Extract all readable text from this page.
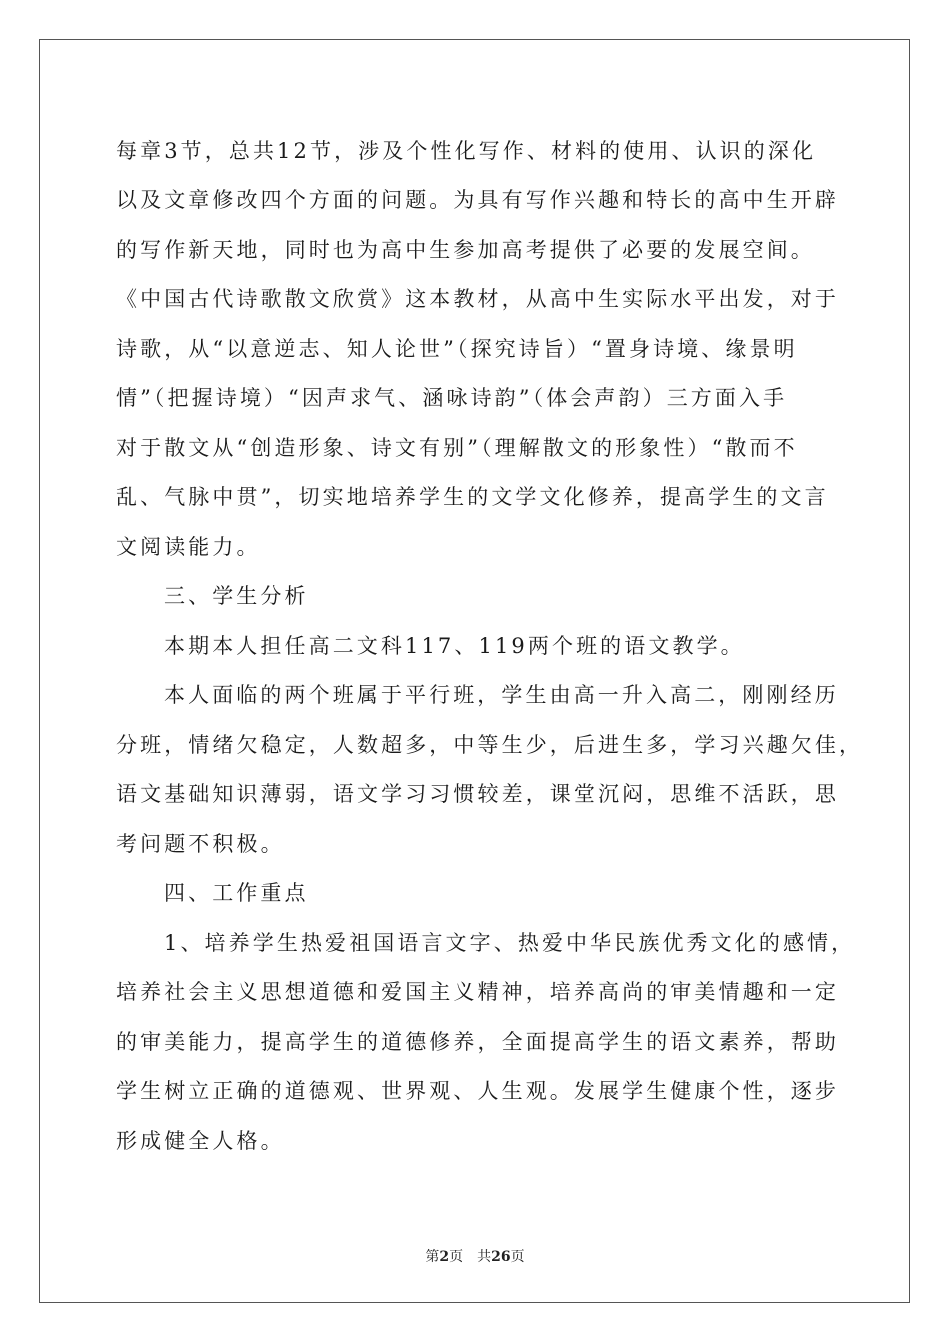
每章3节，总共12节，涉及个性化写作、材料的使用、认识的深化
以及文章修改四个方面的问题。为具有写作兴趣和特长的高中生开辟
的写作新天地，同时也为高中生参加高考提供了必要的发展空间。
《中国古代诗歌散文欣赏》这本教材，从高中生实际水平出发，对于
诗歌，从“以意逆志、知人论世”（探究诗旨）“置身诗境、缘景明
情”（把握诗境）“因声求气、涵咏诗韵”（体会声韵）三方面入手
对于散文从“创造形象、诗文有别”（理解散文的形象性）“散而不
乱、气脉中贯”，切实地培养学生的文学文化修养，提高学生的文言
文阅读能力。
三、学生分析
本期本人担任高二文科117、119两个班的语文教学。
本人面临的两个班属于平行班，学生由高一升入高二，刚刚经历
分班，情绪欠稳定，人数超多，中等生少，后进生多，学习兴趣欠佳，
语文基础知识薄弱，语文学习习惯较差，课堂沉闷，思维不活跃，思
考问题不积极。
四、工作重点
1、培养学生热爱祖国语言文字、热爱中华民族优秀文化的感情，
培养社会主义思想道德和爱国主义精神，培养高尚的审美情趣和一定
的审美能力，提高学生的道德修养，全面提高学生的语文素养，帮助
学生树立正确的道德观、世界观、人生观。发展学生健康个性，逐步
形成健全人格。
第2页 共26页
